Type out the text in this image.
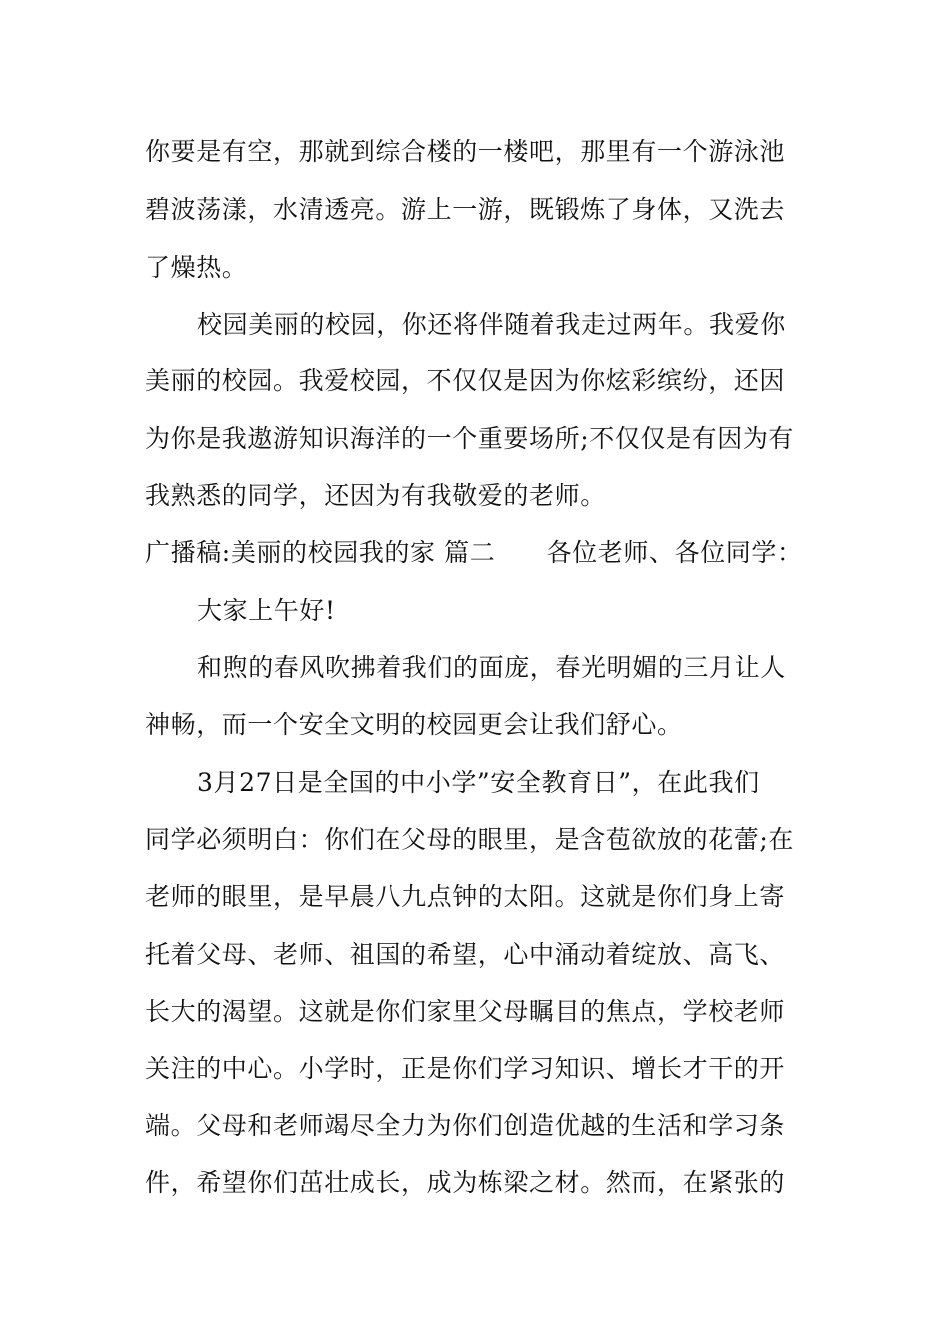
你要是有空，那就到综合楼的一楼吧，那里有一个游泳池
碧波荡漾，水清透亮。游上一游，既锻炼了身体，又洗去
了燥热。
校园美丽的校园，你还将伴随着我走过两年。我爱你
美丽的校园。我爱校园，不仅仅是因为你炫彩缤纷，还因
为你是我遨游知识海洋的一个重要场所;不仅仅是有因为有
我熟悉的同学，还因为有我敬爱的老师。
广播稿:美丽的校园我的家 篇二　　各位老师、各位同学：
大家上午好!
和煦的春风吹拂着我们的面庞，春光明媚的三月让人
神畅，而一个安全文明的校园更会让我们舒心。
3月27日是全国的中小学”安全教育日”，在此我们
同学必须明白：你们在父母的眼里，是含苞欲放的花蕾;在
老师的眼里，是早晨八九点钟的太阳。这就是你们身上寄
托着父母、老师、祖国的希望，心中涌动着绽放、高飞、
长大的渴望。这就是你们家里父母瞩目的焦点，学校老师
关注的中心。小学时，正是你们学习知识、增长才干的开
端。父母和老师竭尽全力为你们创造优越的生活和学习条
件，希望你们茁壮成长，成为栋梁之材。然而，在紧张的
